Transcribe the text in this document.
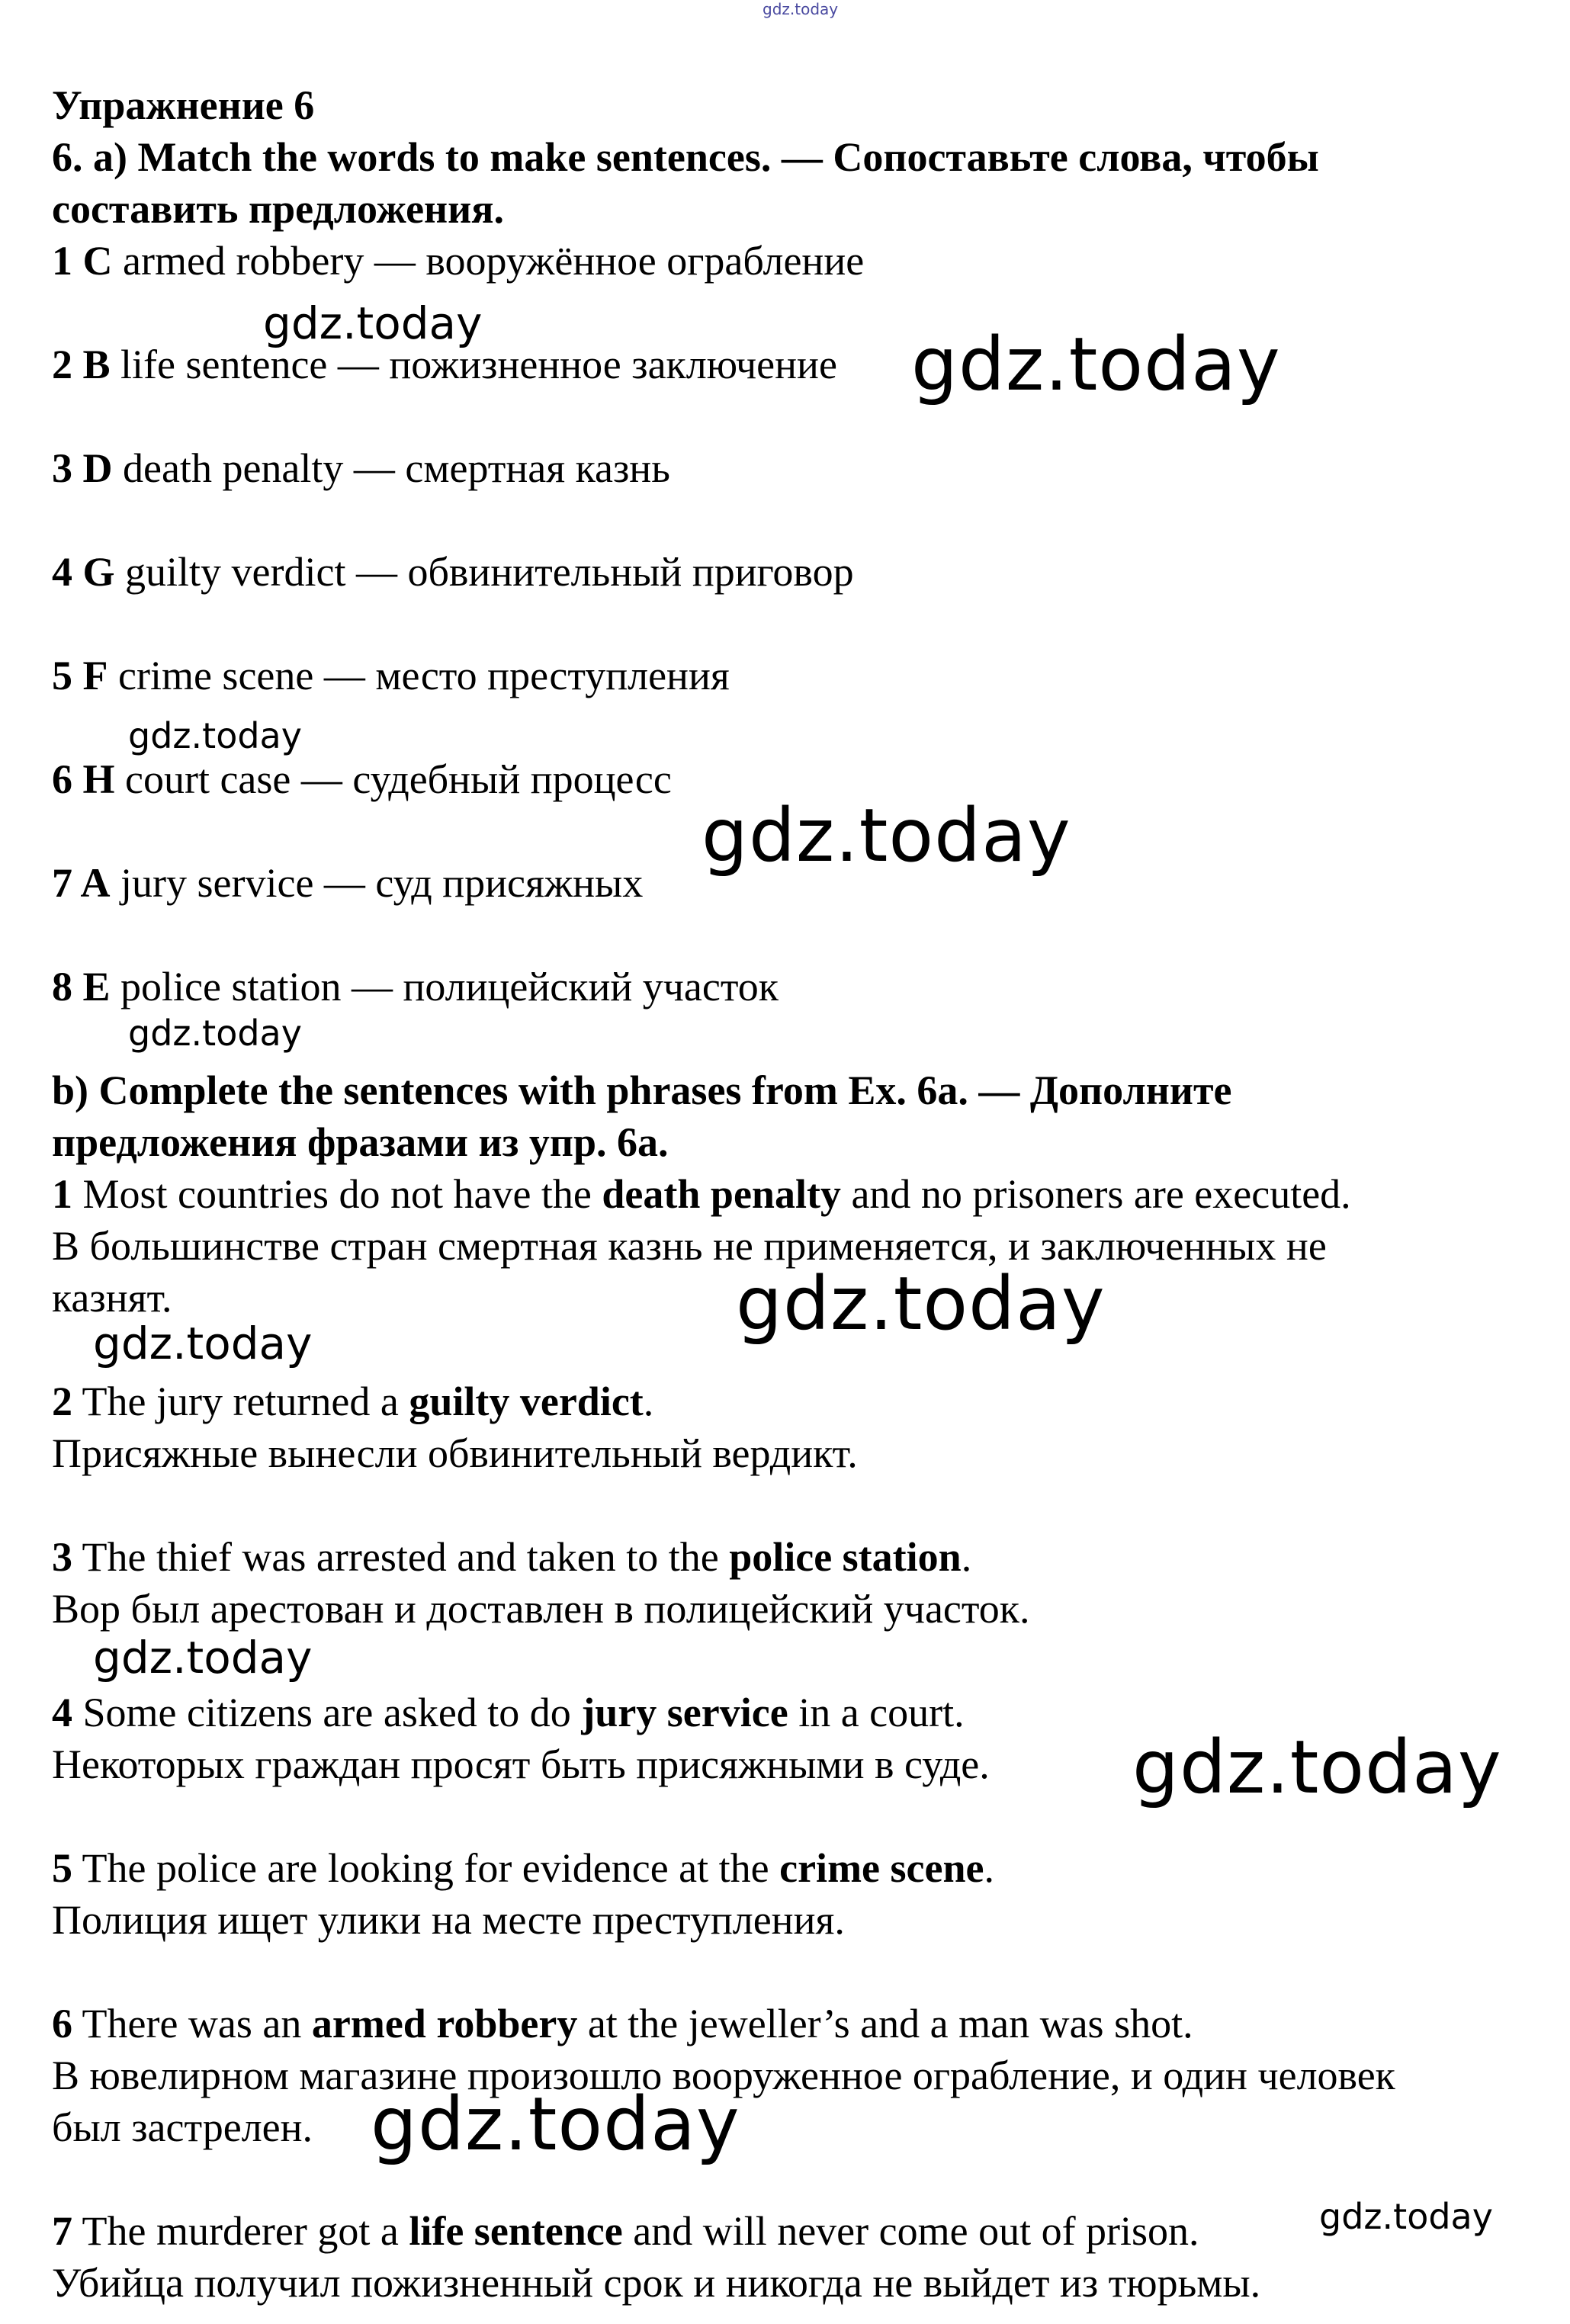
gdz.today
gdz.today	gdz.today
gdz.today
gdz.today
gdz.today
gdz.today
gdz.today
gdz.today
gdz.today
gdz.today
gdz.today
Упражнение 6
6. а) Match the words to make sentences. — Сопоставьте слова, чтобы
составить предложения.
1 C armed robbery — вооружённое ограбление
2 B life sentence — пожизненное заключение
3 D death penalty — смертная казнь
4 G guilty verdict — обвинительный приговор
5 F crime scene — место преступления
6 H court case — судебный процесс
7 A jury service — суд присяжных
8 E police station — полицейский участок
b) Complete the sentences with phrases from Ex. 6a. — Дополните
предложения фразами из упр. 6а.
1 Most countries do not have the death penalty and no prisoners are executed.
В большинстве стран смертная казнь не применяется, и заключенных не
казнят.
2 The jury returned a guilty verdict.
Присяжные вынесли обвинительный вердикт.
3 The thief was arrested and taken to the police station.
Вор был арестован и доставлен в полицейский участок.
4 Some citizens are asked to do jury service in a court.
Некоторых граждан просят быть присяжными в суде.
5 The police are looking for evidence at the crime scene.
Полиция ищет улики на месте преступления.
6 There was an armed robbery at the jeweller’s and a man was shot.
В ювелирном магазине произошло вооруженное ограбление, и один человек
был застрелен.
7 The murderer got a life sentence and will never come out of prison.
Убийца получил пожизненный срок и никогда не выйдет из тюрьмы.
